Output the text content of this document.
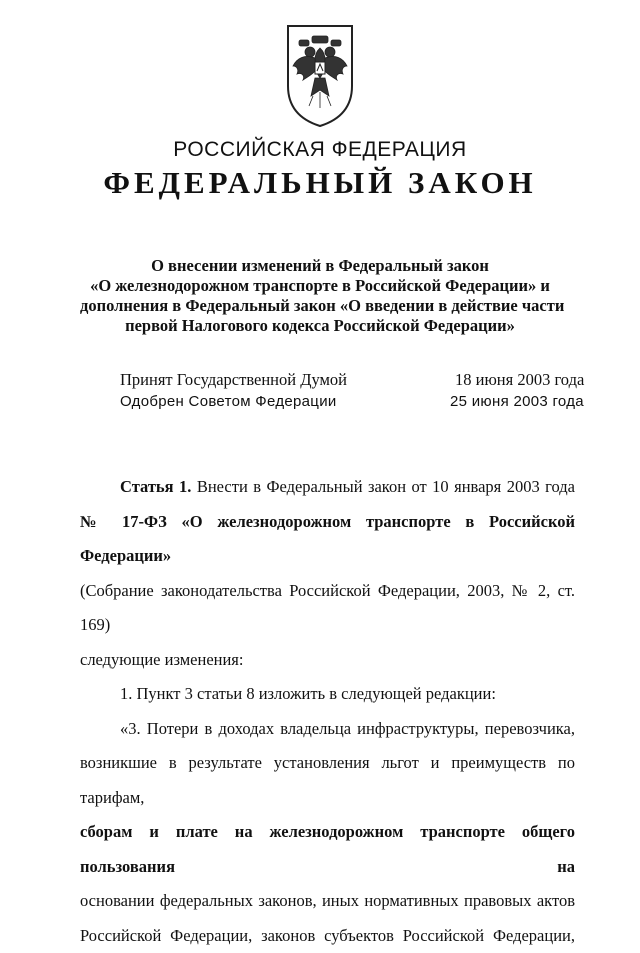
РОССИЙСКАЯ ФЕДЕРАЦИЯ
ФЕДЕРАЛЬНЫЙ ЗАКОН
О внесении изменений в Федеральный закон
«О железнодорожном транспорте в Российской Федерации» и
дополнения в Федеральный закон «О введении в действие части
первой Налогового кодекса Российской Федерации»
Принят Государственной Думой	18 июня 2003 года
Одобрен Советом Федерации	25 июня 2003 года

Статья 1. Внести в Федеральный закон от 10 января 2003 года

№ 17-ФЗ «О железнодорожном транспорте в Российской Федерации»

(Собрание законодательства Российской Федерации, 2003, № 2, ст. 169)

следующие изменения:

1. Пункт 3 статьи 8 изложить в следующей редакции:

«3. Потери в доходах владельца инфраструктуры, перевозчика,

возникшие в результате установления льгот и преимуществ по тарифам,

сборам и плате на железнодорожном транспорте общего пользования на

основании федеральных законов, иных нормативных правовых актов

Российской Федерации, законов субъектов Российской Федерации,
